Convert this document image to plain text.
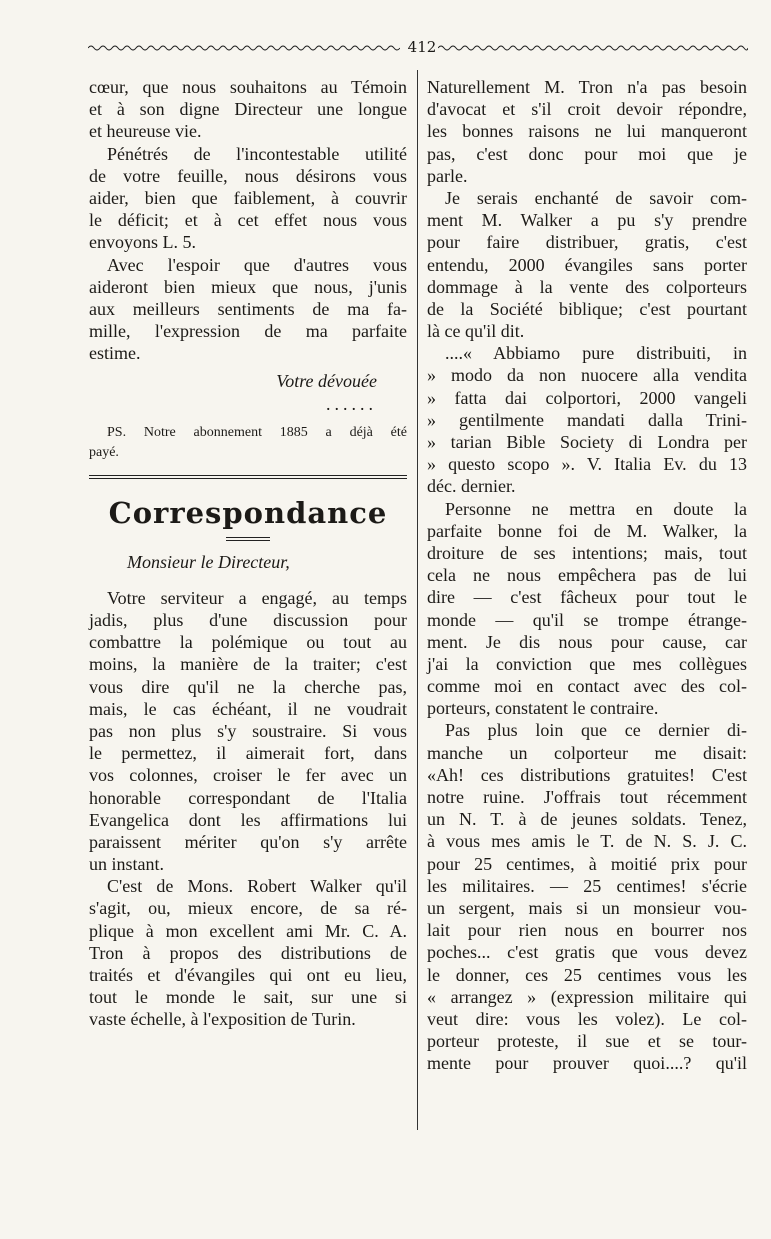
412
cœur, que nous souhaitons au Témoin
et à son digne Directeur une longue
et heureuse vie.
Pénétrés de l'incontestable utilité
de votre feuille, nous désirons vous
aider, bien que faiblement, à couvrir
le déficit; et à cet effet nous vous
envoyons L. 5.
Avec l'espoir que d'autres vous
aideront bien mieux que nous, j'unis
aux meilleurs sentiments de ma fa-
mille, l'expression de ma parfaite
estime.
Votre dévouée
......
PS. Notre abonnement 1885 a déjà été
payé.
Correspondance
Monsieur le Directeur,
Votre serviteur a engagé, au temps
jadis, plus d'une discussion pour
combattre la polémique ou tout au
moins, la manière de la traiter; c'est
vous dire qu'il ne la cherche pas,
mais, le cas échéant, il ne voudrait
pas non plus s'y soustraire. Si vous
le permettez, il aimerait fort, dans
vos colonnes, croiser le fer avec un
honorable correspondant de l'Italia
Evangelica dont les affirmations lui
paraissent mériter qu'on s'y arrête
un instant.
C'est de Mons. Robert Walker qu'il
s'agit, ou, mieux encore, de sa ré-
plique à mon excellent ami Mr. C. A.
Tron à propos des distributions de
traités et d'évangiles qui ont eu lieu,
tout le monde le sait, sur une si
vaste échelle, à l'exposition de Turin.
Naturellement M. Tron n'a pas besoin
d'avocat et s'il croit devoir répondre,
les bonnes raisons ne lui manqueront
pas, c'est donc pour moi que je
parle.
Je serais enchanté de savoir com-
ment M. Walker a pu s'y prendre
pour faire distribuer, gratis, c'est
entendu, 2000 évangiles sans porter
dommage à la vente des colporteurs
de la Société biblique; c'est pourtant
là ce qu'il dit.
....« Abbiamo pure distribuiti, in
» modo da non nuocere alla vendita
» fatta dai colportori, 2000 vangeli
» gentilmente mandati dalla Trini-
» tarian Bible Society di Londra per
» questo scopo ». V. Italia Ev. du 13
déc. dernier.
Personne ne mettra en doute la
parfaite bonne foi de M. Walker, la
droiture de ses intentions; mais, tout
cela ne nous empêchera pas de lui
dire — c'est fâcheux pour tout le
monde — qu'il se trompe étrange-
ment. Je dis nous pour cause, car
j'ai la conviction que mes collègues
comme moi en contact avec des col-
porteurs, constatent le contraire.
Pas plus loin que ce dernier di-
manche un colporteur me disait:
«Ah! ces distributions gratuites! C'est
notre ruine. J'offrais tout récemment
un N. T. à de jeunes soldats. Tenez,
à vous mes amis le T. de N. S. J. C.
pour 25 centimes, à moitié prix pour
les militaires. — 25 centimes! s'écrie
un sergent, mais si un monsieur vou-
lait pour rien nous en bourrer nos
poches... c'est gratis que vous devez
le donner, ces 25 centimes vous les
« arrangez » (expression militaire qui
veut dire: vous les volez). Le col-
porteur proteste, il sue et se tour-
mente pour prouver quoi....? qu'il
